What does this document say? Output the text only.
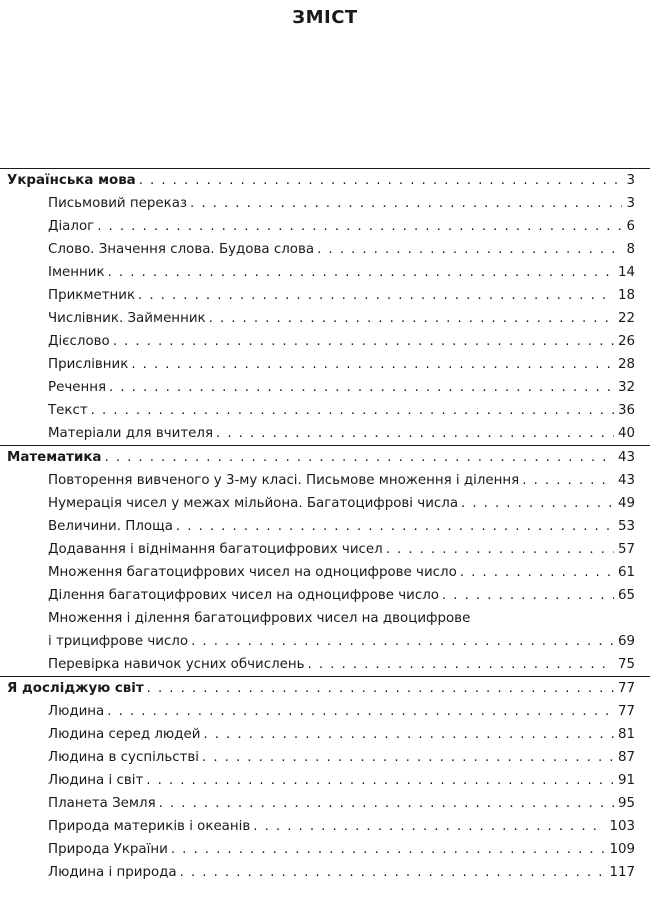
ЗМІСТ
Українська мова . . .	3
Письмовий переказ . . .	3
Діалог . . .	6
Слово. Значення слова. Будова слова . . .	8
Іменник . . .	14
Прикметник . . .	18
Числівник. Займенник . . .	22
Дієслово . . .	26
Прислівник . . .	28
Речення . . .	32
Текст . . .	36
Матеріали для вчителя . . .	40
Математика . . .	43
Повторення вивченого у 3-му класі. Письмове множення і ділення . . .	43
Нумерація чисел у межах мільйона. Багатоцифрові числа . . .	49
Величини. Площа . . .	53
Додавання і віднімання багатоцифрових чисел . . .	57
Множення багатоцифрових чисел на одноцифрове число . . .	61
Ділення багатоцифрових чисел на одноцифрове число . . .	65
Множення і ділення багатоцифрових чисел на двоцифрове
і трицифрове число . . .	69
Перевірка навичок усних обчислень . . .	75
Я досліджую світ . . .	77
Людина . . .	77
Людина серед людей . . .	81
Людина в суспільстві . . .	87
Людина і світ . . .	91
Планета Земля . . .	95
Природа материків і океанів . . .	103
Природа України . . .	109
Людина і природа . . .	117
